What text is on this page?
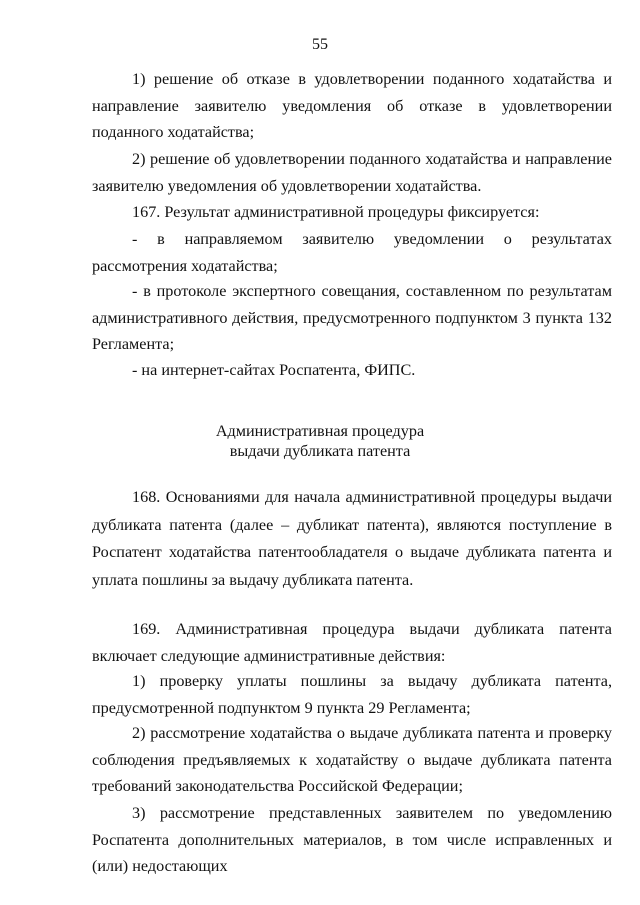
55

1) решение об отказе в удовлетворении поданного ходатайства и направление заявителю уведомления об отказе в удовлетворении поданного ходатайства;

2) решение об удовлетворении поданного ходатайства и направление заявителю уведомления об удовлетворении ходатайства.

167. Результат административной процедуры фиксируется:

- в направляемом заявителю уведомлении о результатах рассмотрения ходатайства;

- в протоколе экспертного совещания, составленном по результатам административного действия, предусмотренного подпунктом 3 пункта 132 Регламента;

- на интернет-сайтах Роспатента, ФИПС.

Административная процедура
выдачи дубликата патента

168. Основаниями для начала административной процедуры выдачи дубликата патента (далее – дубликат патента), являются поступление в Роспатент ходатайства патентообладателя о выдаче дубликата патента и уплата пошлины за выдачу дубликата патента.

169. Административная процедура выдачи дубликата патента включает следующие административные действия:

1) проверку уплаты пошлины за выдачу дубликата патента, предусмотренной подпунктом 9 пункта 29 Регламента;

2) рассмотрение ходатайства о выдаче дубликата патента и проверку соблюдения предъявляемых к ходатайству о выдаче дубликата патента требований законодательства Российской Федерации;

3) рассмотрение представленных заявителем по уведомлению Роспатента дополнительных материалов, в том числе исправленных и (или) недостающих
